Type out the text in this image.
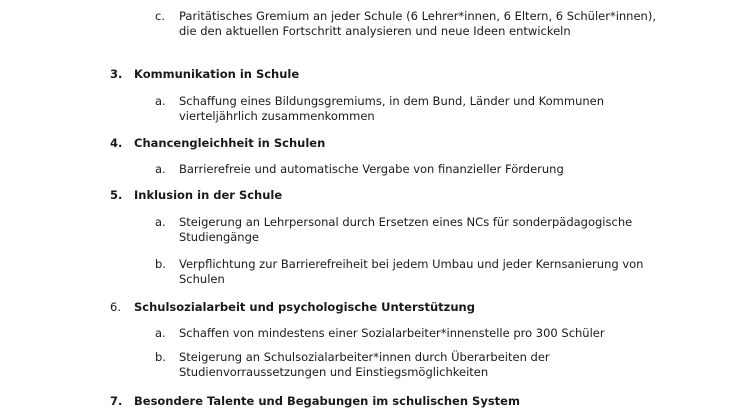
c.	Paritätisches Gremium an jeder Schule (6 Lehrer*innen, 6 Eltern, 6 Schüler*innen), die den aktuellen Fortschritt analysieren und neue Ideen entwickeln
3.	Kommunikation in Schule
a.	Schaffung eines Bildungsgremiums, in dem Bund, Länder und Kommunen vierteljährlich zusammenkommen
4.	Chancengleichheit in Schulen
a.	Barrierefreie und automatische Vergabe von finanzieller Förderung
5.	Inklusion in der Schule
a.	Steigerung an Lehrpersonal durch Ersetzen eines NCs für sonderpädagogische Studiengänge
b.	Verpflichtung zur Barrierefreiheit bei jedem Umbau und jeder Kernsanierung von Schulen
6.	Schulsozialarbeit und psychologische Unterstützung
a.	Schaffen von mindestens einer Sozialarbeiter*innenstelle pro 300 Schüler
b.	Steigerung an Schulsozialarbeiter*innen durch Überarbeiten der Studienvorraussetzungen und Einstiegsmöglichkeiten
7.	Besondere Talente und Begabungen im schulischen System
